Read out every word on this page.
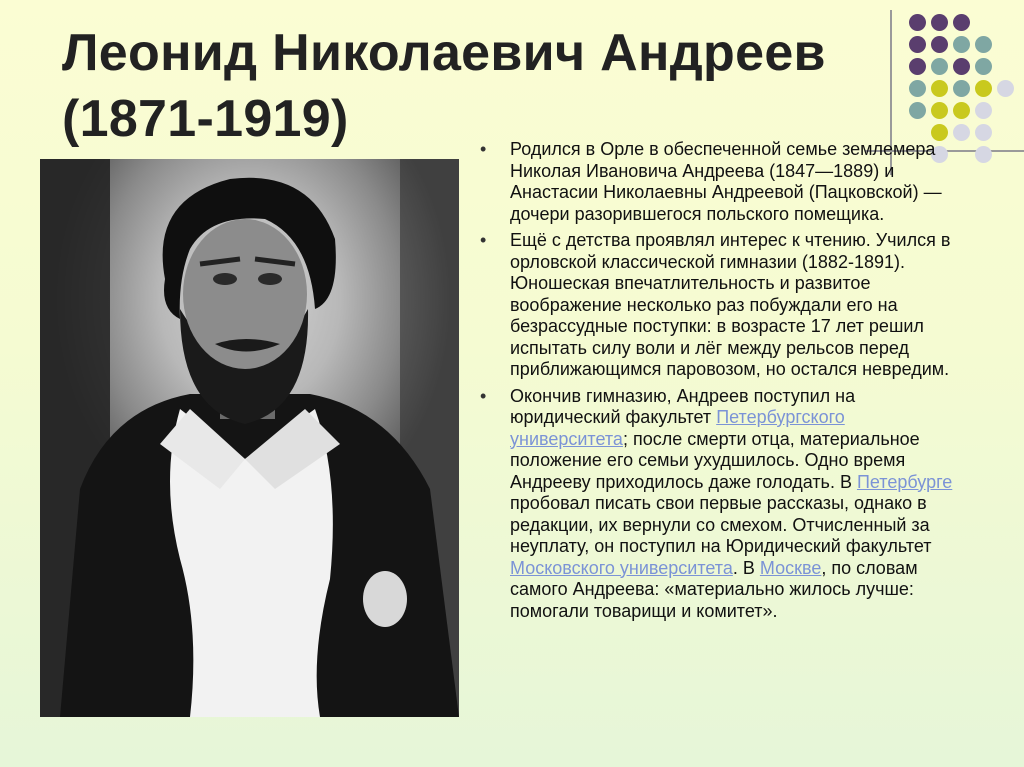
Леонид Николаевич Андреев
(1871-1919)
• Родился в Орле в обеспеченной семье землемера Николая Ивановича Андреева (1847—1889) и Анастасии Николаевны Андреевой (Пацковской) — дочери разорившегося польского помещика.
• Ещё с детства проявлял интерес к чтению. Учился в орловской классической гимназии (1882-1891). Юношеская впечатлительность и развитое воображение несколько раз побуждали его на безрассудные поступки: в возрасте 17 лет решил испытать силу воли и лёг между рельсов перед приближающимся паровозом, но остался невредим.
• Окончив гимназию, Андреев поступил на юридический факультет Петербургского университета; после смерти отца, материальное положение его семьи ухудшилось. Одно время Андрееву приходилось даже голодать. В Петербурге пробовал писать свои первые рассказы, однако в редакции, их вернули со смехом. Отчисленный за неуплату, он поступил на Юридический факультет Московского университета. В Москве, по словам самого Андреева: «материально жилось лучше: помогали товарищи и комитет».
